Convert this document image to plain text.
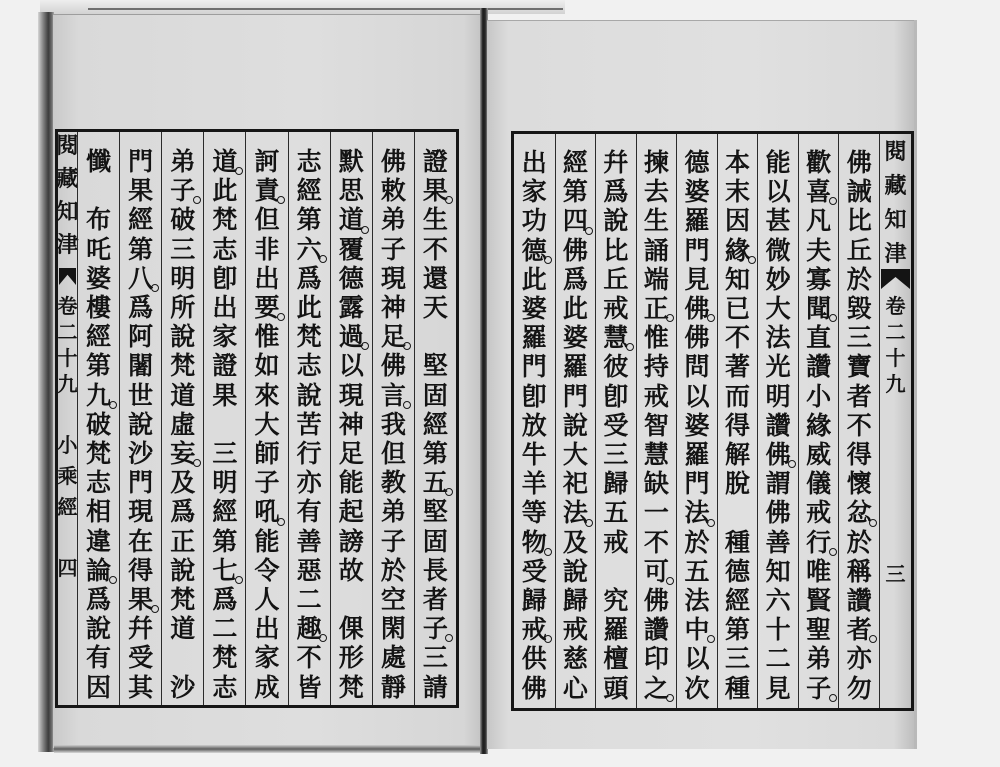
閱
藏
知
津
卷
二
十
九
小
乘
經
四
證
果
生
不
還
天

堅
固
經
第
五
堅
固
長
者
子
三
請
佛
敕
弟
子
現
神
足
佛
言
我
但
教
弟
子
於
空
閑
處
靜
默
思
道
覆
德
露
過
以
現
神
足
能
起
謗
故

倮
形
梵
志
經
第
六
爲
此
梵
志
說
苦
行
亦
有
善
惡
二
趣
不
皆
訶
責
但
非
出
要
惟
如
來
大
師
子
吼
能
令
人
出
家
成
道
此
梵
志
卽
出
家
證
果

三
明
經
第
七
爲
二
梵
志
弟
子
破
三
明
所
說
梵
道
虛
妄
及
爲
正
說
梵
道

沙
門
果
經
第
八
爲
阿
闍
世
說
沙
門
現
在
得
果
幷
受
其
懺

布
吒
婆
樓
經
第
九
破
梵
志
相
違
論
爲
說
有
因
佛
誡
比
丘
於
毀
三
寶
者
不
得
懷
忿
於
稱
讚
者
亦
勿
歡
喜
凡
夫
寡
聞
直
讚
小
緣
威
儀
戒
行
唯
賢
聖
弟
子
能
以
甚
微
妙
大
法
光
明
讚
佛
謂
佛
善
知
六
十
二
見
本
末
因
緣
知
已
不
著
而
得
解
脫

種
德
經
第
三
種
德
婆
羅
門
見
佛
佛
問
以
婆
羅
門
法
於
五
法
中
以
次
揀
去
生
誦
端
正
惟
持
戒
智
慧
缺
一
不
可
佛
讚
印
之
幷
爲
說
比
丘
戒
慧
彼
卽
受
三
歸
五
戒

究
羅
檀
頭
經
第
四
佛
爲
此
婆
羅
門
說
大
祀
法
及
說
歸
戒
慈
心
出
家
功
德
此
婆
羅
門
卽
放
牛
羊
等
物
受
歸
戒
供
佛
閱
藏
知
津
卷
二
十
九
三
